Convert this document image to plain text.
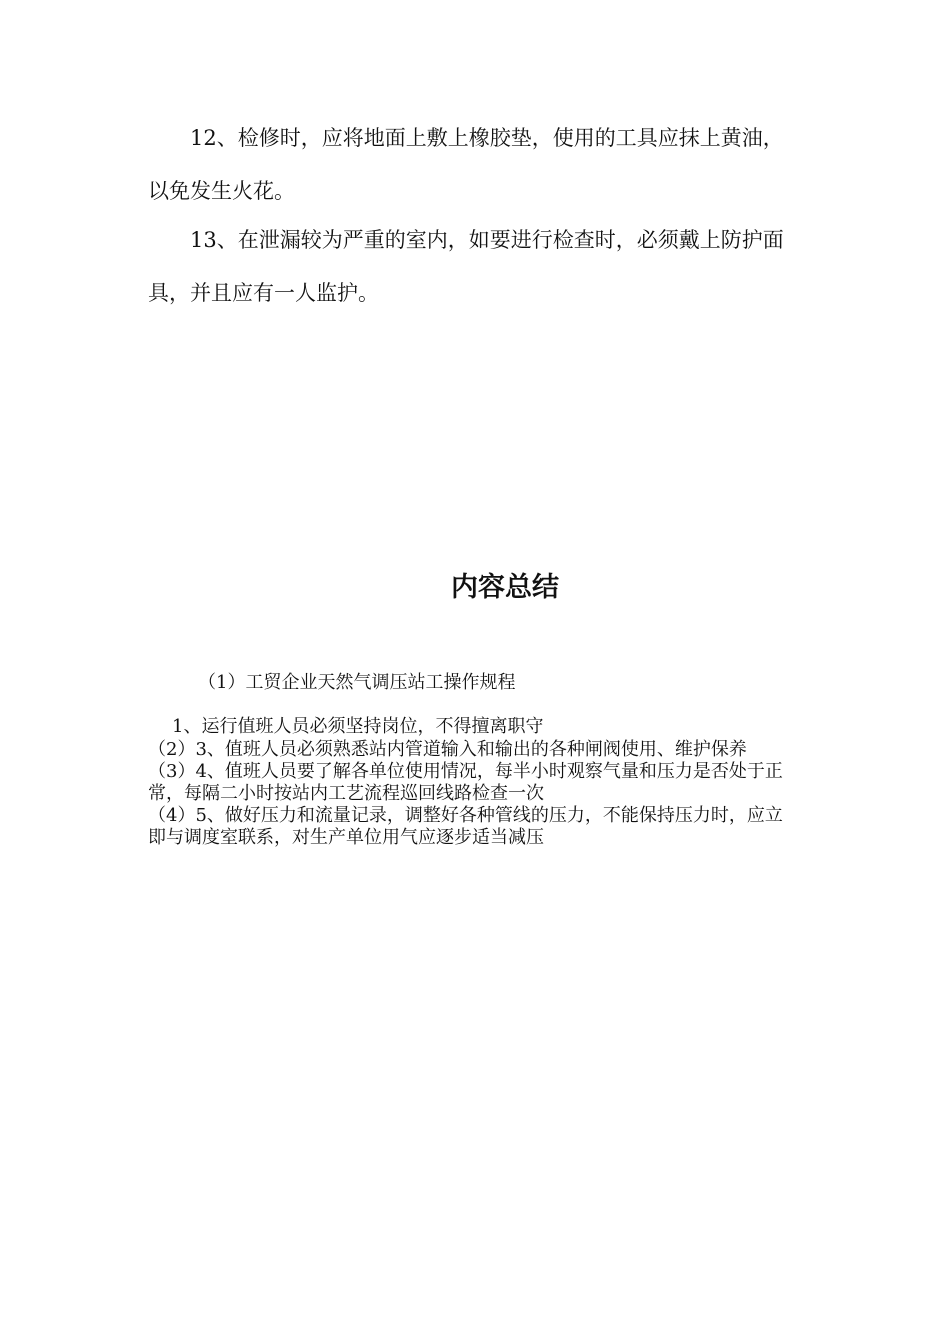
12、检修时，应将地面上敷上橡胶垫，使用的工具应抹上黄油，以免发生火花。

13、在泄漏较为严重的室内，如要进行检查时，必须戴上防护面具，并且应有一人监护。

内容总结

（1）工贸企业天然气调压站工操作规程

1、运行值班人员必须坚持岗位，不得擅离职守

（2）3、值班人员必须熟悉站内管道输入和输出的各种闸阀使用、维护保养

（3）4、值班人员要了解各单位使用情况，每半小时观察气量和压力是否处于正常，每隔二小时按站内工艺流程巡回线路检查一次

（4）5、做好压力和流量记录，调整好各种管线的压力，不能保持压力时，应立即与调度室联系，对生产单位用气应逐步适当减压
